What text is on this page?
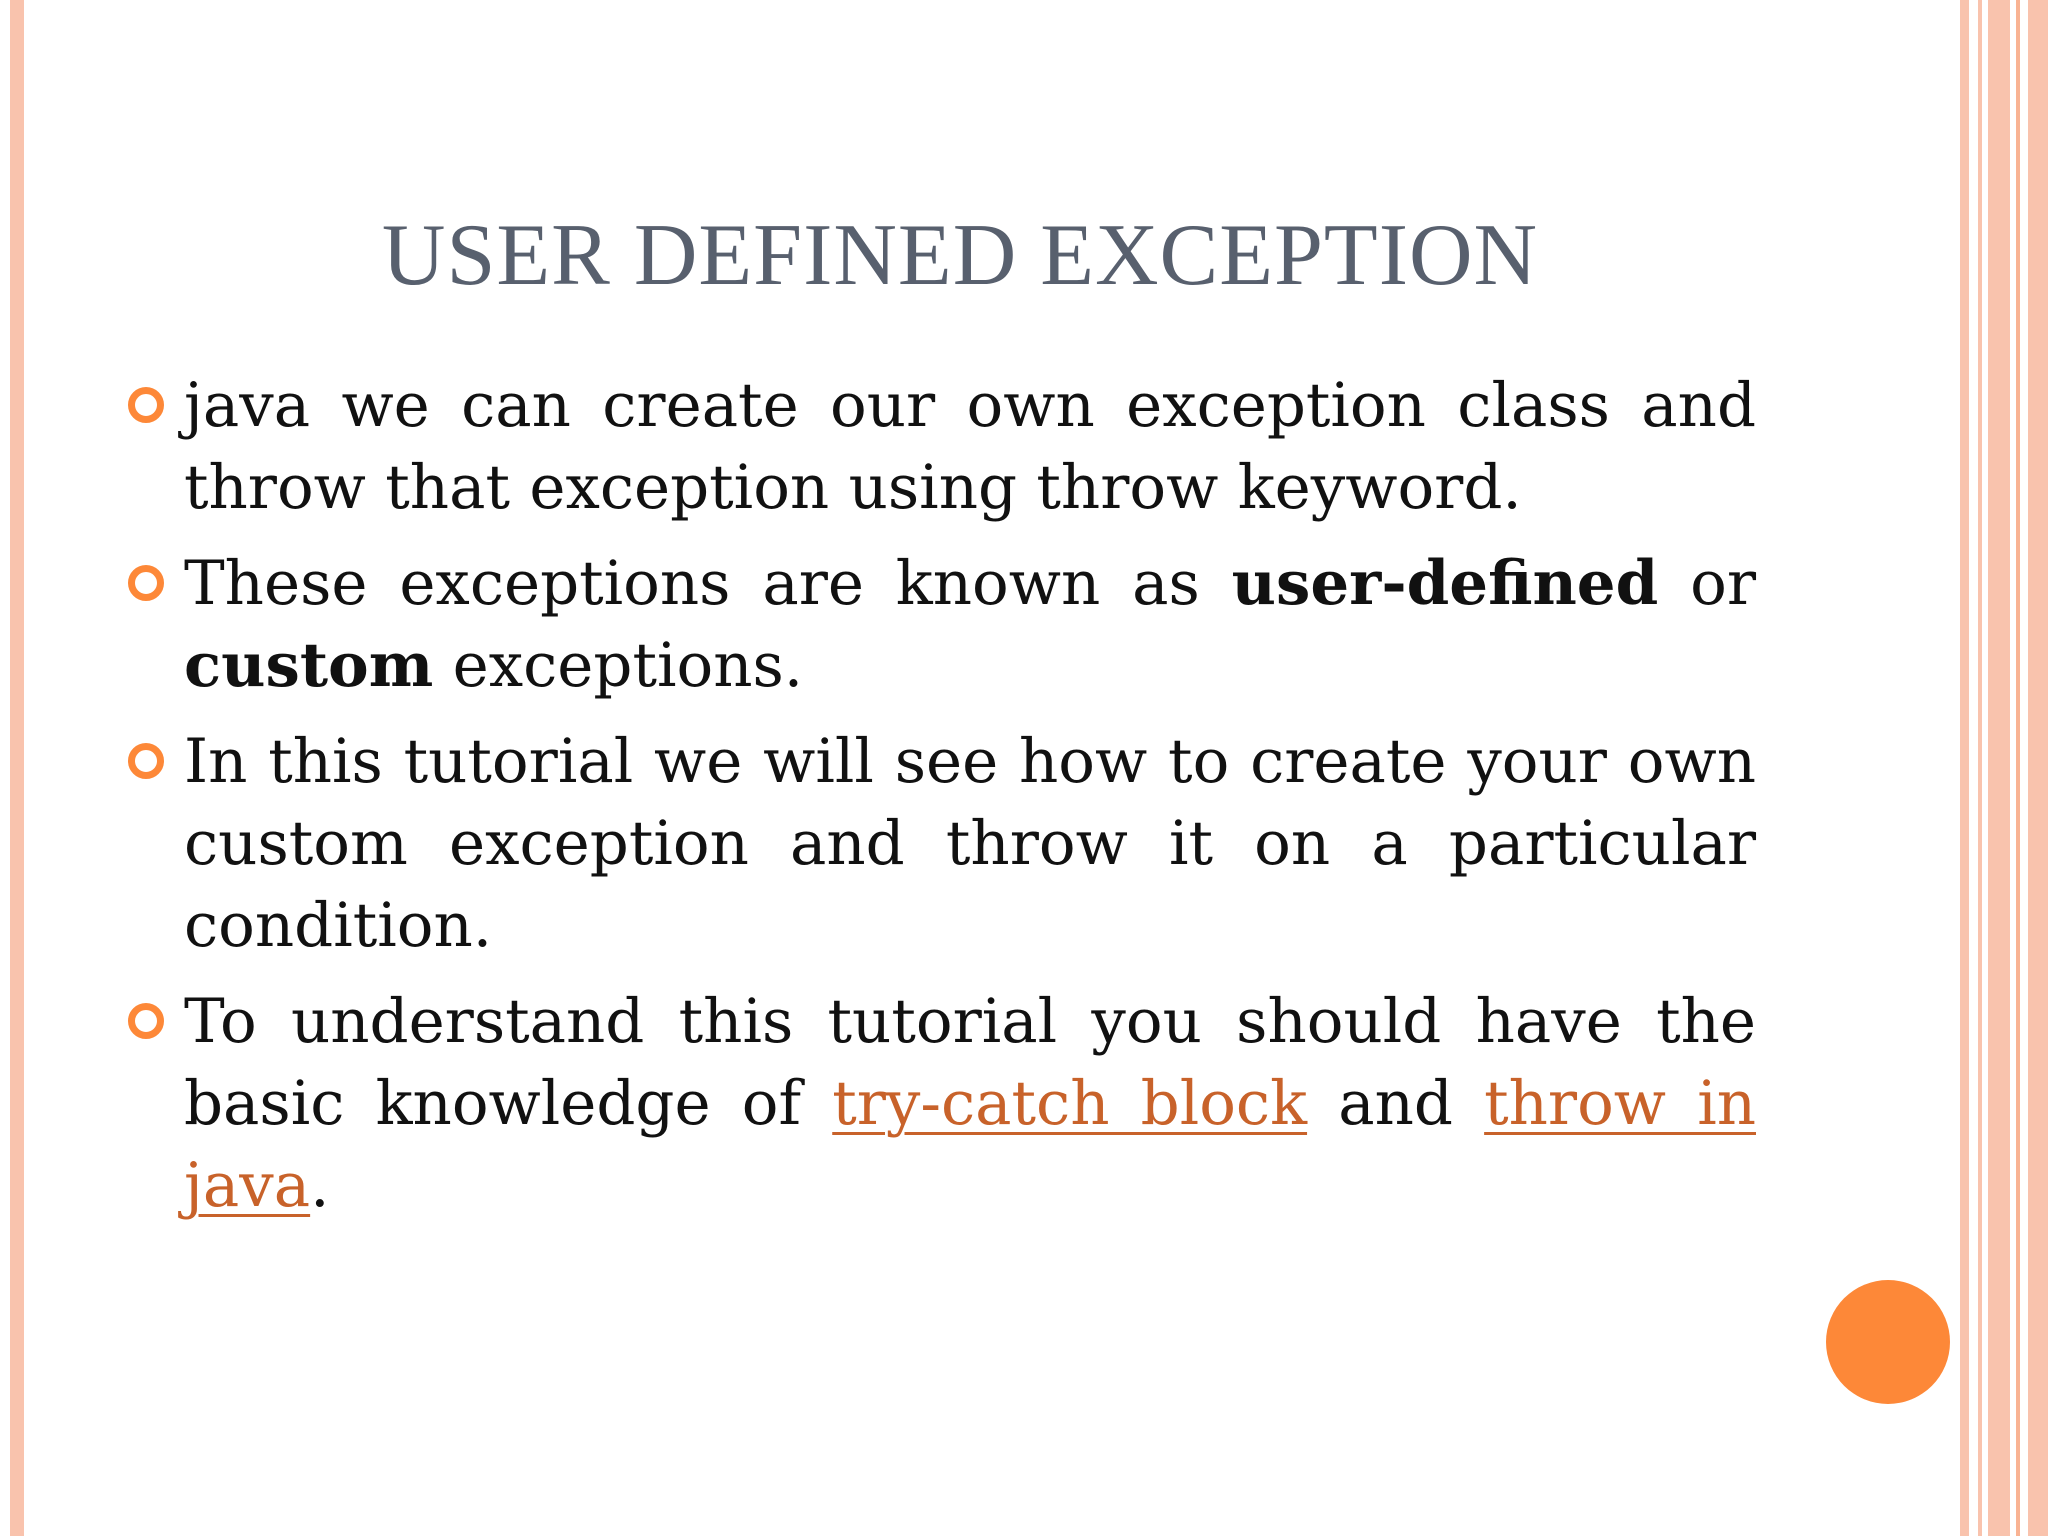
USER DEFINED EXCEPTION
java we can create our own exception class and throw that exception using throw keyword.
These exceptions are known as user-defined or custom exceptions.
In this tutorial we will see how to create your own custom exception and throw it on a particular condition.
To understand this tutorial you should have the basic knowledge of try-catch block and throw in java.
